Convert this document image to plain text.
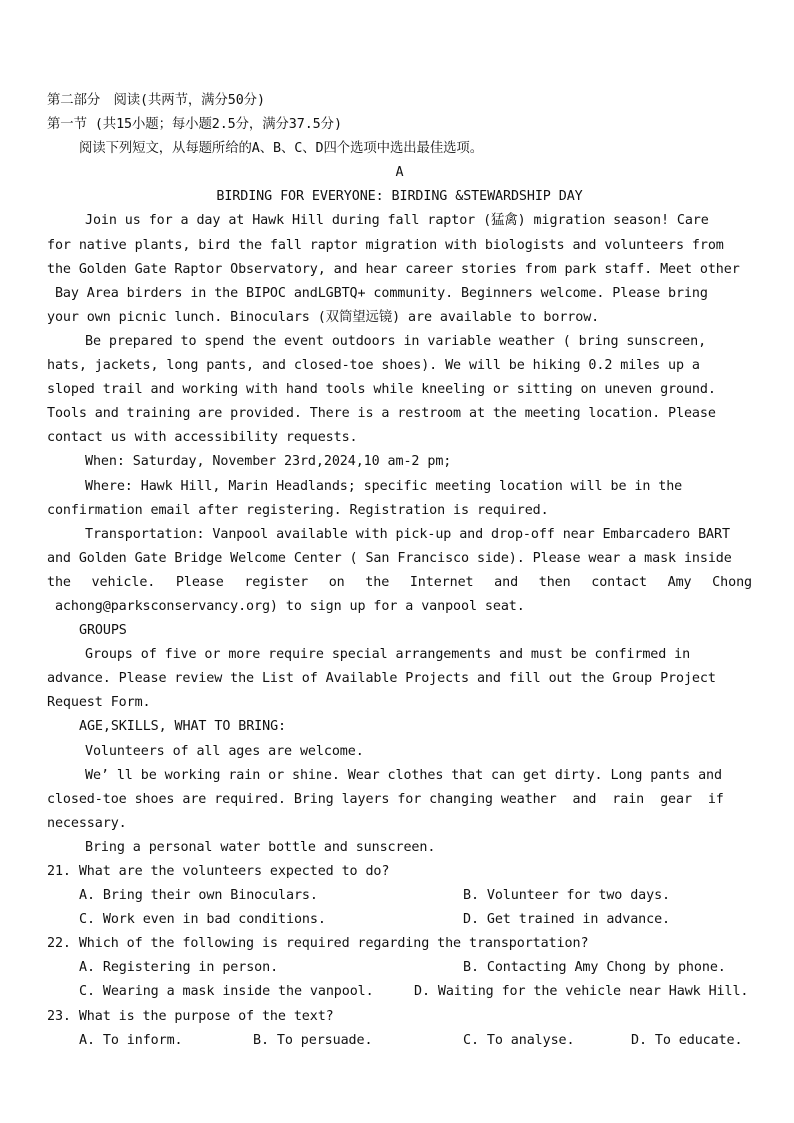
第二部分　阅读(共两节，满分50分)
第一节 (共15小题；每小题2.5分，满分37.5分)
阅读下列短文，从每题所给的A、B、C、D四个选项中选出最佳选项。
A
BIRDING FOR EVERYONE: BIRDING &STEWARDSHIP DAY
Join us for a day at Hawk Hill during fall raptor (猛禽) migration season! Care
for native plants, bird the fall raptor migration with biologists and volunteers from
the Golden Gate Raptor Observatory, and hear career stories from park staff. Meet other
Bay Area birders in the BIPOC andLGBTQ+ community. Beginners welcome. Please bring
your own picnic lunch. Binoculars (双筒望远镜) are available to borrow.
Be prepared to spend the event outdoors in variable weather ( bring sunscreen,
hats, jackets, long pants, and closed-toe shoes). We will be hiking 0.2 miles up a
sloped trail and working with hand tools while kneeling or sitting on uneven ground.
Tools and training are provided. There is a restroom at the meeting location. Please
contact us with accessibility requests.
When: Saturday, November 23rd,2024,10 am-2 pm;
Where: Hawk Hill, Marin Headlands; specific meeting location will be in the
confirmation email after registering. Registration is required.
Transportation: Vanpool available with pick-up and drop-off near Embarcadero BART
and Golden Gate Bridge Welcome Center ( San Francisco side). Please wear a mask inside
the vehicle. Please register on the Internet and then contact Amy Chong
achong@parksconservancy.org) to sign up for a vanpool seat.
GROUPS
Groups of five or more require special arrangements and must be confirmed in
advance. Please review the List of Available Projects and fill out the Group Project
Request Form.
AGE,SKILLS, WHAT TO BRING:
Volunteers of all ages are welcome.
We’ ll be working rain or shine. Wear clothes that can get dirty. Long pants and
closed-toe shoes are required. Bring layers for changing weather  and  rain  gear  if
necessary.
Bring a personal water bottle and sunscreen.
21. What are the volunteers expected to do?
A. Bring their own Binoculars.	B. Volunteer for two days.
C. Work even in bad conditions.	D. Get trained in advance.
22. Which of the following is required regarding the transportation?
A. Registering in person.	B. Contacting Amy Chong by phone.
C. Wearing a mask inside the vanpool.	D. Waiting for the vehicle near Hawk Hill.
23. What is the purpose of the text?
A. To inform.	B. To persuade.	C. To analyse.	D. To educate.
